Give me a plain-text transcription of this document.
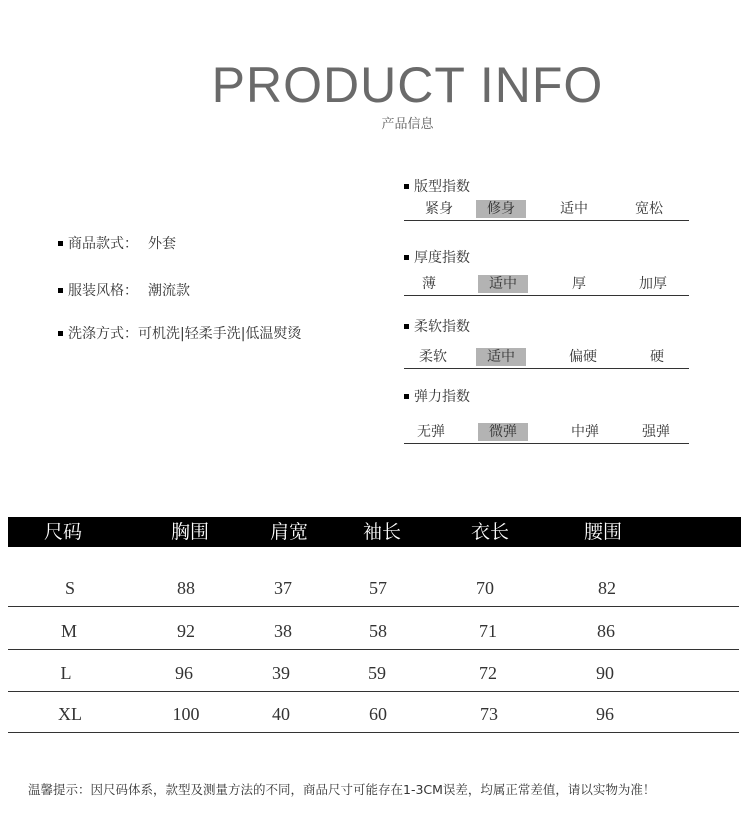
PRODUCT INFO
产品信息
商品款式： 外套
服装风格： 潮流款
洗涤方式：可机洗|轻柔手洗|低温熨烫
版型指数
紧身	修身	适中	宽松
厚度指数
薄	适中	厚	加厚
柔软指数
柔软	适中	偏硬	硬
弹力指数
无弹	微弹	中弹	强弹
尺码	胸围	肩宽	袖长	衣长	腰围
S	88	37	57	70	82
M	92	38	58	71	86
L	96	39	59	72	90
XL	100	40	60	73	96
温馨提示：因尺码体系，款型及测量方法的不同，商品尺寸可能存在1-3CM误差，均属正常差值，请以实物为准！
